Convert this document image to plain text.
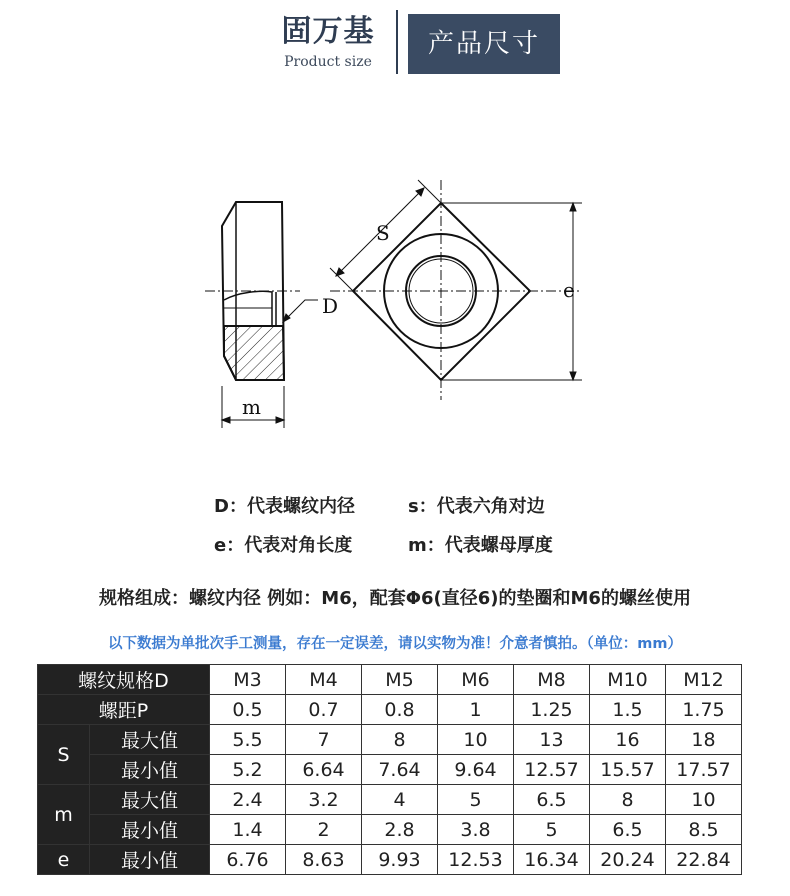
固万基
Product size
产品尺寸
D
m
S
e
D：代表螺纹内径	s：代表六角对边
e：代表对角长度	m：代表螺母厚度
规格组成：螺纹内径 例如：M6，配套Φ6(直径6)的垫圈和M6的螺丝使用
以下数据为单批次手工测量，存在一定误差，请以实物为准！介意者慎拍。（单位：mm）
螺纹规格D		M3	M4	M5	M6	M8	M10	M12
螺距P		0.5	0.7	0.8	1	1.25	1.5	1.75
S	最大值	5.5	7	8	10	13	16	18
	最小值	5.2	6.64	7.64	9.64	12.57	15.57	17.57
m	最大值	2.4	3.2	4	5	6.5	8	10
	最小值	1.4	2	2.8	3.8	5	6.5	8.5
e	最小值	6.76	8.63	9.93	12.53	16.34	20.24	22.84
